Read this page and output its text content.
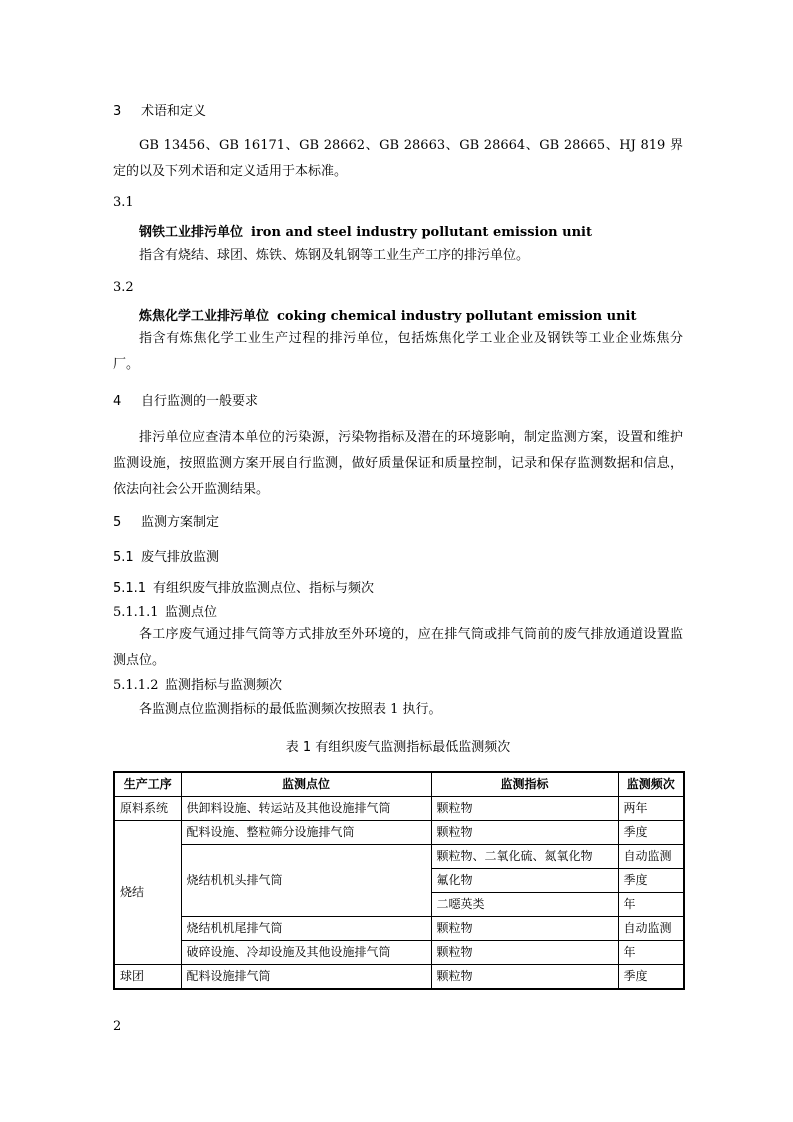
3 术语和定义
GB 13456、GB 16171、GB 28662、GB 28663、GB 28664、GB 28665、HJ 819 界定的以及下列术语和定义适用于本标准。
3.1
钢铁工业排污单位 iron and steel industry pollutant emission unit
指含有烧结、球团、炼铁、炼钢及轧钢等工业生产工序的排污单位。
3.2
炼焦化学工业排污单位 coking chemical industry pollutant emission unit
指含有炼焦化学工业生产过程的排污单位，包括炼焦化学工业企业及钢铁等工业企业炼焦分厂。
4 自行监测的一般要求
排污单位应查清本单位的污染源，污染物指标及潜在的环境影响，制定监测方案，设置和维护监测设施，按照监测方案开展自行监测，做好质量保证和质量控制，记录和保存监测数据和信息，依法向社会公开监测结果。
5 监测方案制定
5.1 废气排放监测
5.1.1 有组织废气排放监测点位、指标与频次
5.1.1.1 监测点位
各工序废气通过排气筒等方式排放至外环境的，应在排气筒或排气筒前的废气排放通道设置监测点位。
5.1.1.2 监测指标与监测频次
各监测点位监测指标的最低监测频次按照表 1 执行。
表 1 有组织废气监测指标最低监测频次
生产工序	监测点位	监测指标	监测频次
原料系统	供卸料设施、转运站及其他设施排气筒	颗粒物	两年
烧结	配料设施、整粒筛分设施排气筒	颗粒物	季度
	烧结机机头排气筒	颗粒物、二氧化硫、氮氧化物	自动监测
		氟化物	季度
		二噁英类	年
	烧结机机尾排气筒	颗粒物	自动监测
	破碎设施、冷却设施及其他设施排气筒	颗粒物	年
球团	配料设施排气筒	颗粒物	季度
2
